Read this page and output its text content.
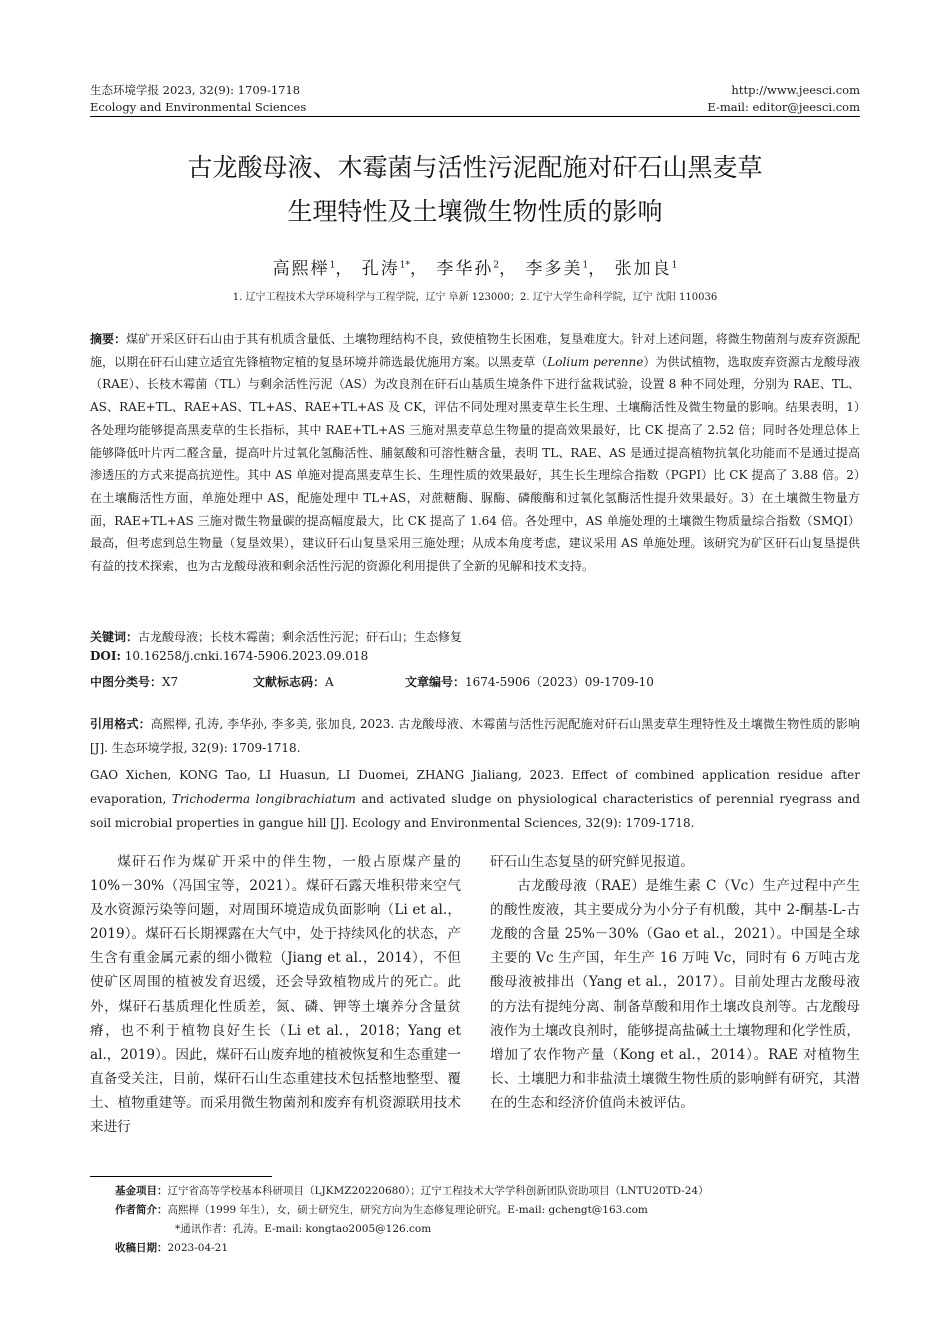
生态环境学报 2023, 32(9): 1709-1718	http://www.jeesci.com
Ecology and Environmental Sciences	E-mail: editor@jeesci.com
古龙酸母液、木霉菌与活性污泥配施对矸石山黑麦草
生理特性及土壤微生物性质的影响
高熙榉$^1$， 孔涛$^{1*}$， 李华孙$^2$， 李多美$^1$， 张加良$^1$
1. 辽宁工程技术大学环境科学与工程学院，辽宁 阜新 123000；2. 辽宁大学生命科学院，辽宁 沈阳 110036
摘要：煤矿开采区矸石山由于其有机质含量低、土壤物理结构不良，致使植物生长困难，复垦难度大。针对上述问题，将微生物菌剂与废弃资源配施，以期在矸石山建立适宜先锋植物定植的复垦环境并筛选最优施用方案。以黑麦草（Lolium perenne）为供试植物，选取废弃资源古龙酸母液（RAE）、长枝木霉菌（TL）与剩余活性污泥（AS）为改良剂在矸石山基质生境条件下进行盆栽试验，设置 8 种不同处理，分别为 RAE、TL、AS、RAE+TL、RAE+AS、TL+AS、RAE+TL+AS 及 CK，评估不同处理对黑麦草生长生理、土壤酶活性及微生物量的影响。结果表明，1）各处理均能够提高黑麦草的生长指标，其中 RAE+TL+AS 三施对黑麦草总生物量的提高效果最好，比 CK 提高了 2.52 倍；同时各处理总体上能够降低叶片丙二醛含量，提高叶片过氧化氢酶活性、脯氨酸和可溶性糖含量，表明 TL、RAE、AS 是通过提高植物抗氧化功能而不是通过提高渗透压的方式来提高抗逆性。其中 AS 单施对提高黑麦草生长、生理性质的效果最好，其生长生理综合指数（PGPI）比 CK 提高了 3.88 倍。2）在土壤酶活性方面，单施处理中 AS，配施处理中 TL+AS，对蔗糖酶、脲酶、磷酸酶和过氧化氢酶活性提升效果最好。3）在土壤微生物量方面，RAE+TL+AS 三施对微生物量碳的提高幅度最大，比 CK 提高了 1.64 倍。各处理中，AS 单施处理的土壤微生物质量综合指数（SMQI）最高，但考虑到总生物量（复垦效果），建议矸石山复垦采用三施处理；从成本角度考虑，建议采用 AS 单施处理。该研究为矿区矸石山复垦提供有益的技术探索，也为古龙酸母液和剩余活性污泥的资源化利用提供了全新的见解和技术支持。
关键词：古龙酸母液；长枝木霉菌；剩余活性污泥；矸石山；生态修复
DOI: 10.16258/j.cnki.1674-5906.2023.09.018
中图分类号：X7	文献标志码：A	文章编号：1674-5906（2023）09-1709-10
引用格式：高熙榉, 孔涛, 李华孙, 李多美, 张加良, 2023. 古龙酸母液、木霉菌与活性污泥配施对矸石山黑麦草生理特性及土壤微生物性质的影响[J]. 生态环境学报, 32(9): 1709-1718.
GAO Xichen, KONG Tao, LI Huasun, LI Duomei, ZHANG Jialiang, 2023. Effect of combined application residue after evaporation, Trichoderma longibrachiatum and activated sludge on physiological characteristics of perennial ryegrass and soil microbial properties in gangue hill [J]. Ecology and Environmental Sciences, 32(9): 1709-1718.

煤矸石作为煤矿开采中的伴生物，一般占原煤产量的 10%－30%（冯国宝等，2021）。煤矸石露天堆积带来空气及水资源污染等问题，对周围环境造成负面影响（Li et al.，2019）。煤矸石长期裸露在大气中，处于持续风化的状态，产生含有重金属元素的细小微粒（Jiang et al.，2014），不但使矿区周围的植被发育迟缓，还会导致植物成片的死亡。此外，煤矸石基质理化性质差，氮、磷、钾等土壤养分含量贫瘠，也不利于植物良好生长（Li et al.，2018；Yang et al.，2019）。因此，煤矸石山废弃地的植被恢复和生态重建一直备受关注，目前，煤矸石山生态重建技术包括整地整型、覆土、植物重建等。而采用微生物菌剂和废弃有机资源联用技术来进行

矸石山生态复垦的研究鲜见报道。

古龙酸母液（RAE）是维生素 C（Vc）生产过程中产生的酸性废液，其主要成分为小分子有机酸，其中 2-酮基-L-古龙酸的含量 25%－30%（Gao et al.，2021）。中国是全球主要的 Vc 生产国，年生产 16 万吨 Vc，同时有 6 万吨古龙酸母液被排出（Yang et al.，2017）。目前处理古龙酸母液的方法有提纯分离、制备草酸和用作土壤改良剂等。古龙酸母液作为土壤改良剂时，能够提高盐碱土土壤物理和化学性质，增加了农作物产量（Kong et al.，2014）。RAE 对植物生长、土壤肥力和非盐渍土壤微生物性质的影响鲜有研究，其潜在的生态和经济价值尚未被评估。

基金项目：辽宁省高等学校基本科研项目（LJKMZ20220680）；辽宁工程技术大学学科创新团队资助项目（LNTU20TD-24）
作者简介：高熙榉（1999 年生），女，硕士研究生，研究方向为生态修复理论研究。E-mail: gchengt@163.com
*通讯作者：孔涛。E-mail: kongtao2005@126.com
收稿日期：2023-04-21
